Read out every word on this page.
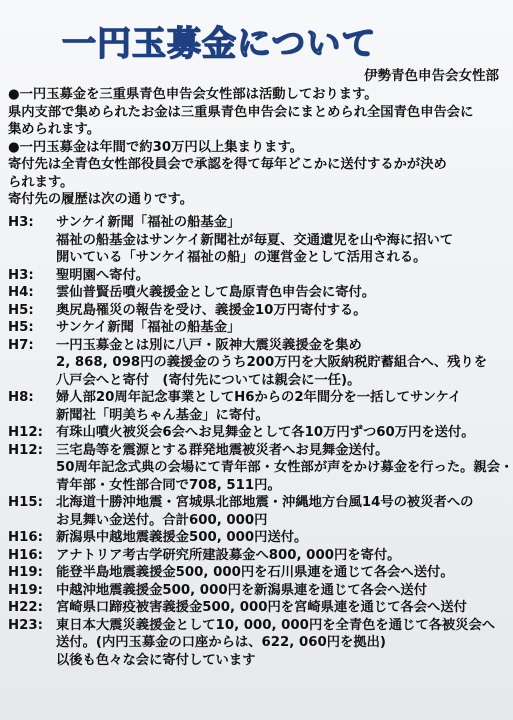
一円玉募金について
伊勢青色申告会女性部
●一円玉募金を三重県青色申告会女性部は活動しております。
県内支部で集められたお金は三重県青色申告会にまとめられ全国青色申告会に
集められます。
●一円玉募金は年間で約30万円以上集まります。
寄付先は全青色女性部役員会で承認を得て毎年どこかに送付するかが決め
られます。
寄付先の履歴は次の通りです。
H3:	サンケイ新聞「福祉の船基金」
福祉の船基金はサンケイ新聞社が毎夏、交通遺児を山や海に招いて
開いている「サンケイ福祉の船」の運営金として活用される。
H3:	聖明園へ寄付。
H4:	雲仙普賢岳噴火義援金として島原青色申告会に寄付。
H5:	奥尻島罹災の報告を受け、義援金10万円寄付する。
H5:	サンケイ新聞「福祉の船基金」
H7:	一円玉募金とは別に八戸・阪神大震災義援金を集め
2, 868, 098円の義援金のうち200万円を大阪納税貯蓄組合へ、残りを
八戸会へと寄付　(寄付先については親会に一任)。
H8:	婦人部20周年記念事業としてH6からの2年間分を一括してサンケイ
新聞社「明美ちゃん基金」に寄付。
H12: 有珠山噴火被災会6会へお見舞金として各10万円ずつ60万円を送付。
H12: 三宅島等を震源とする群発地震被災者へお見舞金送付。
50周年記念式典の会場にて青年部・女性部が声をかけ募金を行った。親会・
青年部・女性部合同で708, 511円。
H15: 北海道十勝沖地震・宮城県北部地震・沖縄地方台風14号の被災者への
お見舞い金送付。合計600, 000円
H16: 新潟県中越地震義援金500, 000円送付。
H16: アナトリア考古学研究所建設募金へ800, 000円を寄付。
H19: 能登半島地震義援金500, 000円を石川県連を通じて各会へ送付。
H19: 中越沖地震義援金500, 000円を新潟県連を通じて各会へ送付
H22: 宮崎県口蹄疫被害義援金500, 000円を宮崎県連を通じて各会へ送付
H23: 東日本大震災義援金として10, 000, 000円を全青色を通じて各被災会へ
送付。(内円玉募金の口座からは、622, 060円を拠出)
以後も色々な会に寄付しています
